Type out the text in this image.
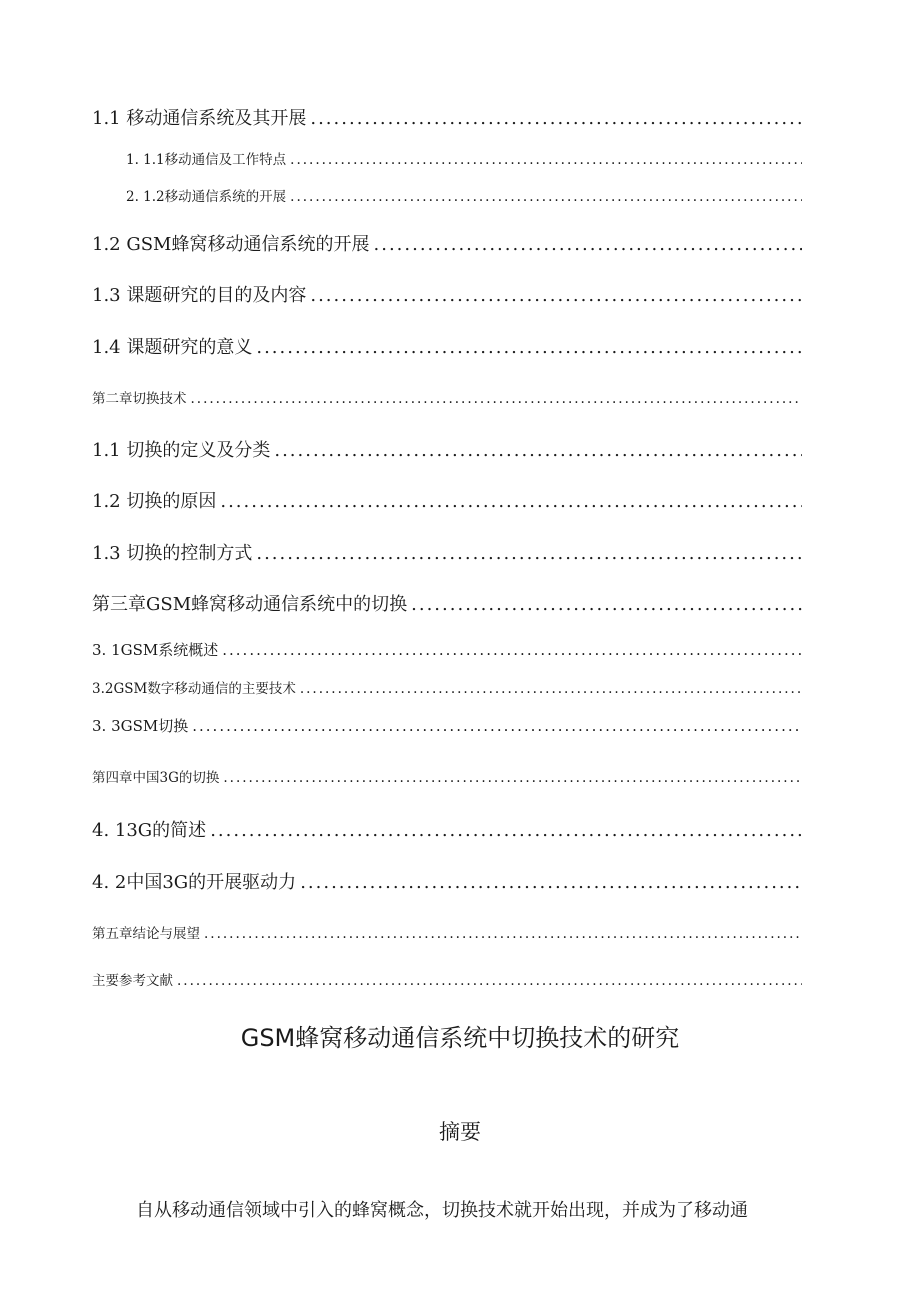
1.1 移动通信系统及其开展
.....
1. 1.1移动通信及工作特点
.....
2. 1.2移动通信系统的开展
.....
1.2 GSM蜂窝移动通信系统的开展
.....
1.3 课题研究的目的及内容
.....
1.4 课题研究的意义
.....
第二章切换技术
.....
1.1 切换的定义及分类
.....
1.2 切换的原因
.....
1.3 切换的控制方式
.....
第三章GSM蜂窝移动通信系统中的切换
.....
3. 1GSM系统概述
.....
3.2GSM数字移动通信的主要技术
.....
3. 3GSM切换
.....
第四章中国3G的切换
.....
4. 13G的简述
.....
4. 2中国3G的开展驱动力
.....
第五章结论与展望
.....
主要参考文献
.....
GSM蜂窝移动通信系统中切换技术的研究
摘要
自从移动通信领域中引入的蜂窝概念，切换技术就开始出现，并成为了移动通
